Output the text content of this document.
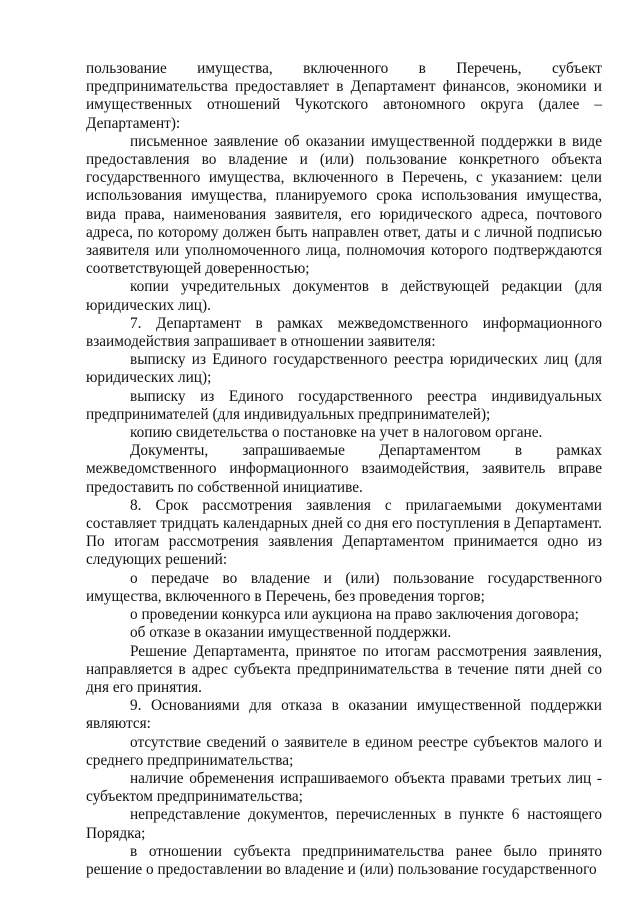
пользование имущества, включенного в Перечень, субъект предпринимательства предоставляет в Департамент финансов, экономики и имущественных отношений Чукотского автономного округа (далее – Департамент):

письменное заявление об оказании имущественной поддержки в виде предоставления во владение и (или) пользование конкретного объекта государственного имущества, включенного в Перечень, с указанием: цели использования имущества, планируемого срока использования имущества, вида права, наименования заявителя, его юридического адреса, почтового адреса, по которому должен быть направлен ответ, даты и с личной подписью заявителя или уполномоченного лица, полномочия которого подтверждаются соответствующей доверенностью;

копии учредительных документов в действующей редакции (для юридических лиц).

7. Департамент в рамках межведомственного информационного взаимодействия запрашивает в отношении заявителя:

выписку из Единого государственного реестра юридических лиц (для юридических лиц);

выписку из Единого государственного реестра индивидуальных предпринимателей (для индивидуальных предпринимателей);

копию свидетельства о постановке на учет в налоговом органе.

Документы, запрашиваемые Департаментом в рамках межведомственного информационного взаимодействия, заявитель вправе предоставить по собственной инициативе.

8. Срок рассмотрения заявления с прилагаемыми документами составляет тридцать календарных дней со дня его поступления в Департамент. По итогам рассмотрения заявления Департаментом принимается одно из следующих решений:

о передаче во владение и (или) пользование государственного имущества, включенного в Перечень, без проведения торгов;

о проведении конкурса или аукциона на право заключения договора;

об отказе в оказании имущественной поддержки.

Решение Департамента, принятое по итогам рассмотрения заявления, направляется в адрес субъекта предпринимательства в течение пяти дней со дня его принятия.

9. Основаниями для отказа в оказании имущественной поддержки являются:

отсутствие сведений о заявителе в едином реестре субъектов малого и среднего предпринимательства;

наличие обременения испрашиваемого объекта правами третьих лиц - субъектом предпринимательства;

непредставление документов, перечисленных в пункте 6 настоящего Порядка;

в отношении субъекта предпринимательства ранее было принято решение о предоставлении во владение и (или) пользование государственного
